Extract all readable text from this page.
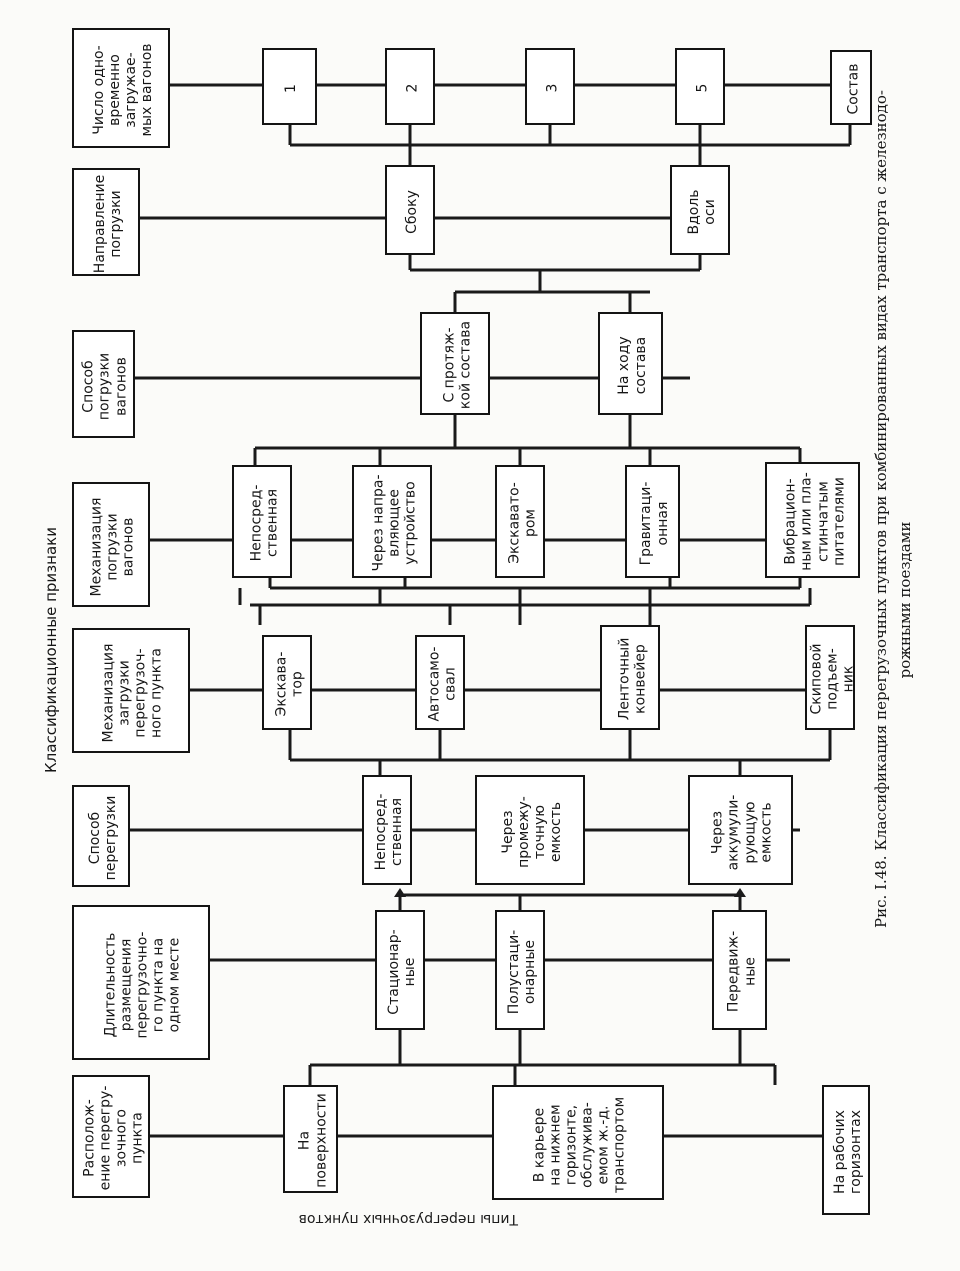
Располож-
ение перегру-
зочного
пункта
Длительность
размещения
перегрузочно-
го пункта на
одном месте
Способ
перегрузки
Механизация
загрузки
перегрузоч-
ного пункта
Механизация
погрузки
вагонов
Способ
погрузки
вагонов
Направление
погрузки
Число одно-
временно
загружае-
мых вагонов
На
поверхности	В карьере
на нижнем
горизонте,
обслужива-
емом ж.-д.
транспортом	На рабочих
горизонтах
Стационар-
ные	Полустаци-
онарные	Передвиж-
ные
Непосред-
ственная	Через
промежу-
точную
емкость	Через
аккумули-
рующую
емкость
Экскава-
тор	Автосамо-
свал	Ленточный
конвейер	Скиповой
подъем-
ник
Непосред-
ственная	Через напра-
вляющее
устройство	Экскавато-
ром	Гравитаци-
онная	Вибрацион-
ным или пла-
стинчатым
питателями
С протяж-
кой состава
На ходу
состава
Сбоку	Вдоль
оси
1	2	3	5	Состав
Классификационные признаки
Типы перегрузочных пунктов
Рис. I.48. Классификация перегрузочных пунктов при комбинированных видах транспорта с железнодо- рожными поездами
